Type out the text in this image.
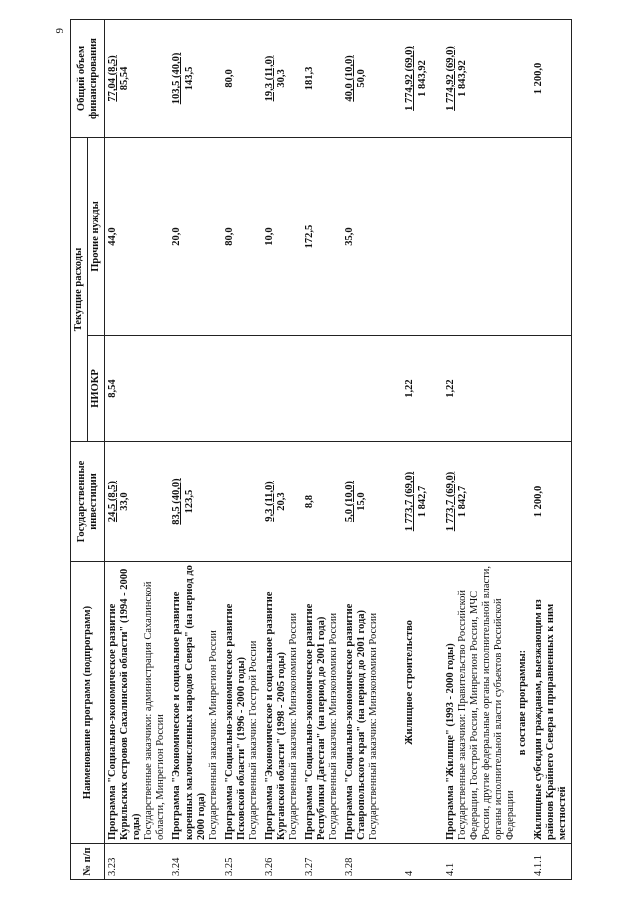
9
№ п/п	Наименование программ (подпрограмм)	Государственные инвестиции	Текущие расходы		Общий объем финансирования
			НИОКР	Прочие нужды	
3.23	Программа "Социально-экономическое развитие Курильских островов Сахалинской области" (1994 - 2000 годы) Государственные заказчики: администрация Сахалинской области, Минрегион России	24,5 (8,5) 33,0	8,54	44,0	77,04 (8,5) 85,54

3.24	Программа "Экономическое и социальное развитие коренных малочисленных народов Севера" (на период до 2000 года) Государственный заказчик: Минрегион России	83,5 (40,0) 123,5		20,0	103,5 (40,0) 143,5

3.25	Программа "Социально-экономическое развитие Псковской области" (1996 - 2000 годы) Государственный заказчик: Госстрой России			80,0	80,0

3.26	Программа "Экономическое и социальное развитие Курганской области" (1998 - 2005 годы) Государственный заказчик: Минэкономики России	9,3 (11,0) 20,3		10,0	19,3 (11,0) 30,3

3.27	Программа "Социально-экономическое развитие Республики Дагестан" (на период до 2001 года) Государственный заказчик: Минэкономики России	8,8		172,5	181,3

3.28	Программа "Социально-экономическое развитие Ставропольского края" (на период до 2001 года) Государственный заказчик: Минэкономики России	5,0 (10,0) 15,0		35,0	40,0 (10,0) 50,0

4	Жилищное строительство	1 773,7 (69,0) 1 842,7	1,22		1 774,92 (69,0) 1 843,92

4.1	Программа "Жилище" (1993 - 2000 годы) Государственные заказчики: Правительство Российской Федерации, Госстрой России, Минрегион России, МЧС России, другие федеральные органы исполнительной власти, органы исполнительной власти субъектов Российской Федерации
в составе программы:	1 773,7 (69,0) 1 842,7	1,22		1 774,92 (69,0) 1 843,92

4.1.1	Жилищные субсидии гражданам, выезжающим из районов Крайнего Севера и приравненных к ним местностей	1 200,0			1 200,0
